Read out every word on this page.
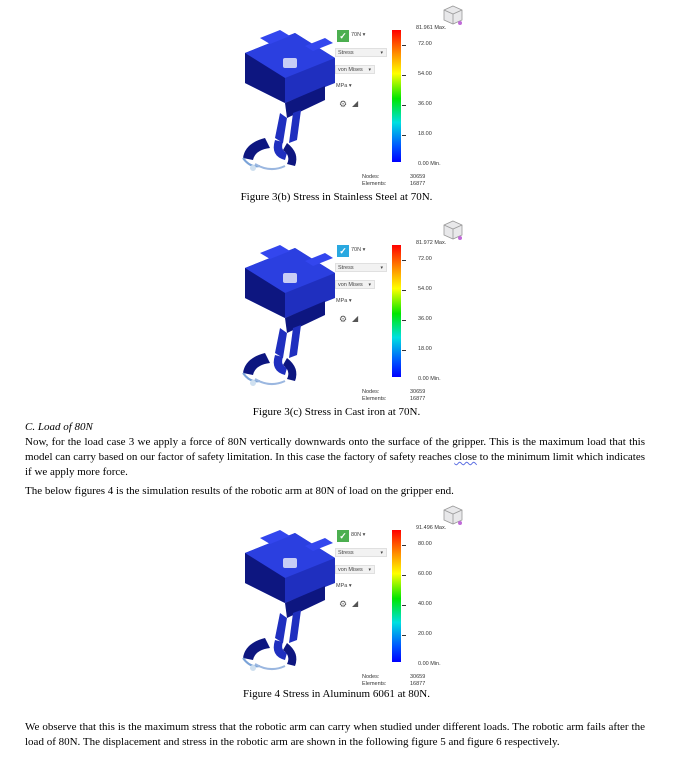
✓ 70N ▾
Stress	▾
von Mises ▾
MPa ▾
⚙ ◢
81.961 Max.
72.00
54.00
36.00
18.00
0.00 Min.
Nodes:	30659

Elements:	16877
✓ 70N ▾
Stress	▾
von Mises ▾
MPa ▾
⚙ ◢
81.972 Max.
72.00
54.00
36.00
18.00
0.00 Min.
Nodes:	30659

Elements:	16877
✓ 80N ▾
Stress	▾
von Mises ▾
MPa ▾
⚙ ◢
91.496 Max.
80.00
60.00
40.00
20.00
0.00 Min.
Nodes:	30659

Elements:	16877
Figure 3(b) Stress in Stainless Steel at 70N.
Figure 3(c) Stress in Cast iron at 70N.
Figure 4 Stress in Aluminum 6061 at 80N.
C. Load of 80N
Now, for the load case 3 we apply a force of 80N vertically downwards onto the surface of the gripper. This is the maximum load that this model can carry based on our factor of safety limitation. In this case the factory of safety reaches close to the minimum limit which indicates if we apply more force.
The below figures 4 is the simulation results of the robotic arm at 80N of load on the gripper end.
We observe that this is the maximum stress that the robotic arm can carry when studied under different loads. The robotic arm fails after the load of 80N. The displacement and stress in the robotic arm are shown in the following figure 5 and figure 6 respectively.
